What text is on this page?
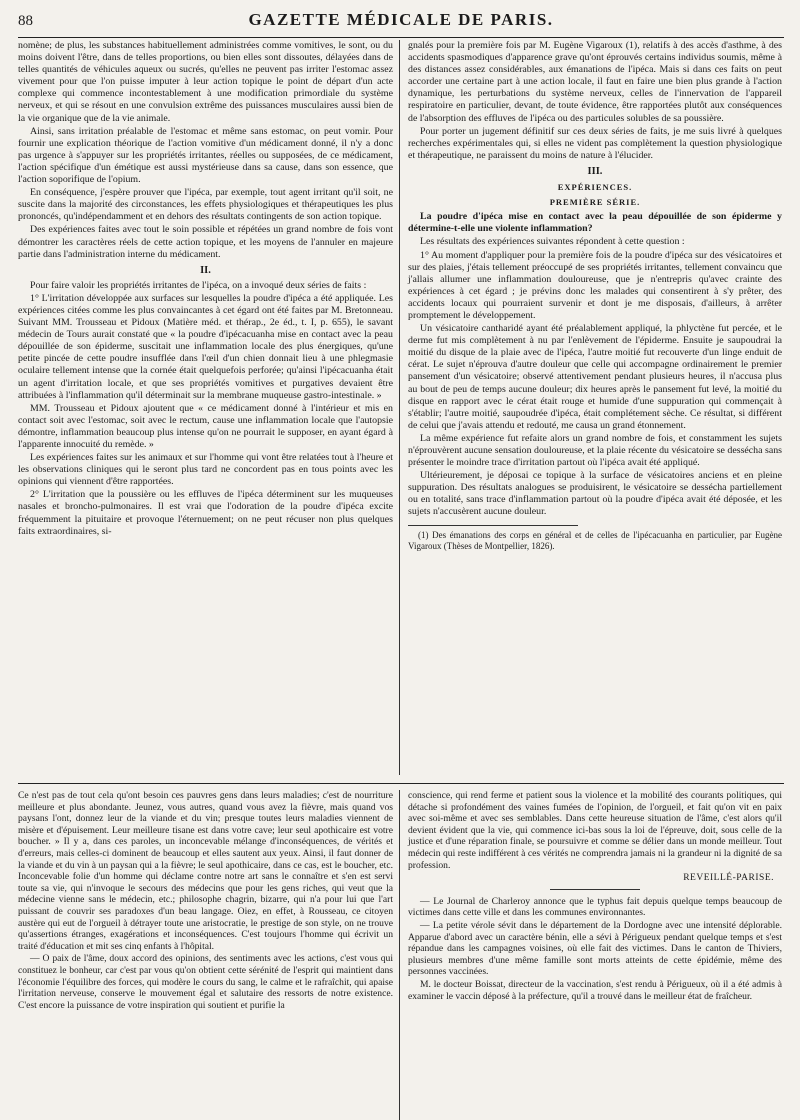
88	GAZETTE MÉDICALE DE PARIS.

nomène; de plus, les substances habituellement administrées comme vomitives, le sont, ou du moins doivent l'être, dans de telles proportions, ou bien elles sont dissoutes, délayées dans de telles quantités de véhicules aqueux ou sucrés, qu'elles ne peuvent pas irriter l'estomac assez vivement pour que l'on puisse imputer à leur action topique le point de départ d'un acte complexe qui commence incontestablement à une modification primordiale du système nerveux, et qui se résout en une convulsion extrême des puissances musculaires aussi bien de la vie organique que de la vie animale.

Ainsi, sans irritation préalable de l'estomac et même sans estomac, on peut vomir. Pour fournir une explication théorique de l'action vomitive d'un médicament donné, il n'y a donc pas urgence à s'appuyer sur les propriétés irritantes, réelles ou supposées, de ce médicament, l'action spécifique d'un émétique est aussi mystérieuse dans sa cause, dans son essence, que l'action soporifique de l'opium.

En conséquence, j'espère prouver que l'ipéca, par exemple, tout agent irritant qu'il soit, ne suscite dans la majorité des circonstances, les effets physiologiques et thérapeutiques les plus prononcés, qu'indépendamment et en dehors des résultats contingents de son action topique.

Des expériences faites avec tout le soin possible et répétées un grand nombre de fois vont démontrer les caractères réels de cette action topique, et les moyens de l'annuler en majeure partie dans l'administration interne du médicament.

II.

Pour faire valoir les propriétés irritantes de l'ipéca, on a invoqué deux séries de faits :

1° L'irritation développée aux surfaces sur lesquelles la poudre d'ipéca a été appliquée. Les expériences citées comme les plus convaincantes à cet égard ont été faites par M. Bretonneau. Suivant MM. Trousseau et Pidoux (Matière méd. et thérap., 2e éd., t. I, p. 655), le savant médecin de Tours aurait constaté que « la poudre d'ipécacuanha mise en contact avec la peau dépouillée de son épiderme, suscitait une inflammation locale des plus énergiques, qu'une petite pincée de cette poudre insufflée dans l'œil d'un chien donnait lieu à une phlegmasie oculaire tellement intense que la cornée était quelquefois perforée; qu'ainsi l'ipécacuanha était un agent d'irritation locale, et que ses propriétés vomitives et purgatives devaient être attribuées à l'inflammation qu'il déterminait sur la membrane muqueuse gastro-intestinale. »

MM. Trousseau et Pidoux ajoutent que « ce médicament donné à l'intérieur et mis en contact soit avec l'estomac, soit avec le rectum, cause une inflammation locale que l'autopsie démontre, inflammation beaucoup plus intense qu'on ne pourrait le supposer, en ayant égard à l'apparente innocuité du remède. »

Les expériences faites sur les animaux et sur l'homme qui vont être relatées tout à l'heure et les observations cliniques qui le seront plus tard ne concordent pas en tous points avec les opinions qui viennent d'être rapportées.

2° L'irritation que la poussière ou les effluves de l'ipéca déterminent sur les muqueuses nasales et broncho-pulmonaires. Il est vrai que l'odoration de la poudre d'ipéca excite fréquemment la pituitaire et provoque l'éternuement; on ne peut récuser non plus quelques faits extraordinaires, si-

gnalés pour la première fois par M. Eugène Vigaroux (1), relatifs à des accès d'asthme, à des accidents spasmodiques d'apparence grave qu'ont éprouvés certains individus soumis, même à des distances assez considérables, aux émanations de l'ipéca. Mais si dans ces faits on peut accorder une certaine part à une action locale, il faut en faire une bien plus grande à l'action dynamique, les perturbations du système nerveux, celles de l'innervation de l'appareil respiratoire en particulier, devant, de toute évidence, être rapportées plutôt aux conséquences de l'absorption des effluves de l'ipéca ou des particules solubles de sa poussière.

Pour porter un jugement définitif sur ces deux séries de faits, je me suis livré à quelques recherches expérimentales qui, si elles ne vident pas complètement la question physiologique et thérapeutique, ne paraissent du moins de nature à l'élucider.

III.
EXPÉRIENCES.
PREMIÈRE SÉRIE.

La poudre d'ipéca mise en contact avec la peau dépouillée de son épiderme y détermine-t-elle une violente inflammation?

Les résultats des expériences suivantes répondent à cette question :

1° Au moment d'appliquer pour la première fois de la poudre d'ipéca sur des vésicatoires et sur des plaies, j'étais tellement préoccupé de ses propriétés irritantes, tellement convaincu que j'allais allumer une inflammation douloureuse, que je n'entrepris qu'avec crainte des expériences à cet égard ; je prévins donc les malades qui consentirent à s'y prêter, des accidents locaux qui pourraient survenir et dont je me disposais, d'ailleurs, à arrêter promptement le développement.

Un vésicatoire cantharidé ayant été préalablement appliqué, la phlyctène fut percée, et le derme fut mis complètement à nu par l'enlèvement de l'épiderme. Ensuite je saupoudrai la moitié du disque de la plaie avec de l'ipéca, l'autre moitié fut recouverte d'un linge enduit de cérat. Le sujet n'éprouva d'autre douleur que celle qui accompagne ordinairement le premier pansement d'un vésicatoire; observé attentivement pendant plusieurs heures, il n'accusa plus au bout de peu de temps aucune douleur; dix heures après le pansement fut levé, la moitié du disque en rapport avec le cérat était rouge et humide d'une suppuration qui commençait à s'établir; l'autre moitié, saupoudrée d'ipéca, était complétement sèche. Ce résultat, si différent de celui que j'avais attendu et redouté, me causa un grand étonnement.

La même expérience fut refaite alors un grand nombre de fois, et constamment les sujets n'éprouvèrent aucune sensation douloureuse, et la plaie récente du vésicatoire se dessécha sans présenter le moindre trace d'irritation partout où l'ipéca avait été appliqué.

Ultérieurement, je déposai ce topique à la surface de vésicatoires anciens et en pleine suppuration. Des résultats analogues se produisirent, le vésicatoire se dessécha partiellement ou en totalité, sans trace d'inflammation partout où la poudre d'ipéca avait été déposée, et les sujets n'accusèrent aucune douleur.

(1) Des émanations des corps en général et de celles de l'ipécacuanha en particulier, par Eugène Vigaroux (Thèses de Montpellier, 1826).

Ce n'est pas de tout cela qu'ont besoin ces pauvres gens dans leurs maladies; c'est de nourriture meilleure et plus abondante. Jeunez, vous autres, quand vous avez la fièvre, mais quand vos paysans l'ont, donnez leur de la viande et du vin; presque toutes leurs maladies viennent de misère et d'épuisement. Leur meilleure tisane est dans votre cave; leur seul apothicaire est votre boucher. » Il y a, dans ces paroles, un inconcevable mélange d'inconséquences, de vérités et d'erreurs, mais celles-ci dominent de beaucoup et elles sautent aux yeux. Ainsi, il faut donner de la viande et du vin à un paysan qui a la fièvre; le seul apothicaire, dans ce cas, est le boucher, etc. Inconcevable folie d'un homme qui déclame contre notre art sans le connaître et s'en est servi toute sa vie, qui n'invoque le secours des médecins que pour les gens riches, qui veut que la médecine vienne sans le médecin, etc.; philosophe chagrin, bizarre, qui n'a pour lui que l'art puissant de couvrir ses paradoxes d'un beau langage. Oiez, en effet, à Rousseau, ce citoyen austère qui eut de l'orgueil à détrayer toute une aristocratie, le prestige de son style, on ne trouve qu'assertions étranges, exagérations et inconséquences. C'est toujours l'homme qui écrivit un traité d'éducation et mit ses cinq enfants à l'hôpital.

— O paix de l'âme, doux accord des opinions, des sentiments avec les actions, c'est vous qui constituez le bonheur, car c'est par vous qu'on obtient cette sérénité de l'esprit qui maintient dans l'économie l'équilibre des forces, qui modère le cours du sang, le calme et le rafraîchit, qui apaise l'irritation nerveuse, conserve le mouvement égal et salutaire des ressorts de notre existence. C'est encore la puissance de votre inspiration qui soutient et purifie la

conscience, qui rend ferme et patient sous la violence et la mobilité des courants politiques, qui détache si profondément des vaines fumées de l'opinion, de l'orgueil, et fait qu'on vit en paix avec soi-même et avec ses semblables. Dans cette heureuse situation de l'âme, c'est alors qu'il devient évident que la vie, qui commence ici-bas sous la loi de l'épreuve, doit, sous celle de la justice et d'une réparation finale, se poursuivre et comme se délier dans un monde meilleur. Tout médecin qui reste indifférent à ces vérités ne comprendra jamais ni la grandeur ni la dignité de sa profession.

REVEILLÉ-PARISE.

— Le Journal de Charleroy annonce que le typhus fait depuis quelque temps beaucoup de victimes dans cette ville et dans les communes environnantes.

— La petite vérole sévit dans le département de la Dordogne avec une intensité déplorable. Apparue d'abord avec un caractère bénin, elle a sévi à Périgueux pendant quelque temps et s'est répandue dans les campagnes voisines, où elle fait des victimes. Dans le canton de Thiviers, plusieurs membres d'une même famille sont morts atteints de cette épidémie, même des personnes vaccinées.

M. le docteur Boissat, directeur de la vaccination, s'est rendu à Périgueux, où il a été admis à examiner le vaccin déposé à la préfecture, qu'il a trouvé dans le meilleur état de fraîcheur.
